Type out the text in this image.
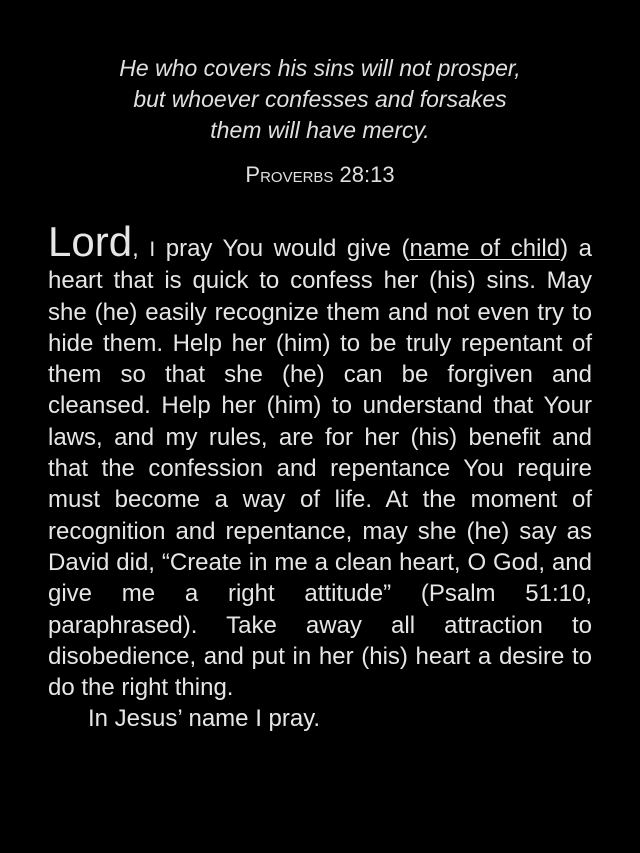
He who covers his sins will not prosper,
but whoever confesses and forsakes
them will have mercy.
Proverbs 28:13

Lord, I pray You would give (name of child) a heart that is quick to confess her (his) sins. May she (he) easily recognize them and not even try to hide them. Help her (him) to be truly repentant of them so that she (he) can be forgiven and cleansed. Help her (him) to understand that Your laws, and my rules, are for her (his) benefit and that the confession and repentance You require must become a way of life. At the moment of recognition and repentance, may she (he) say as David did, “Create in me a clean heart, O God, and give me a right attitude” (Psalm 51:10, paraphrased). Take away all attraction to disobedience, and put in her (his) heart a desire to do the right thing.

In Jesus’ name I pray.
